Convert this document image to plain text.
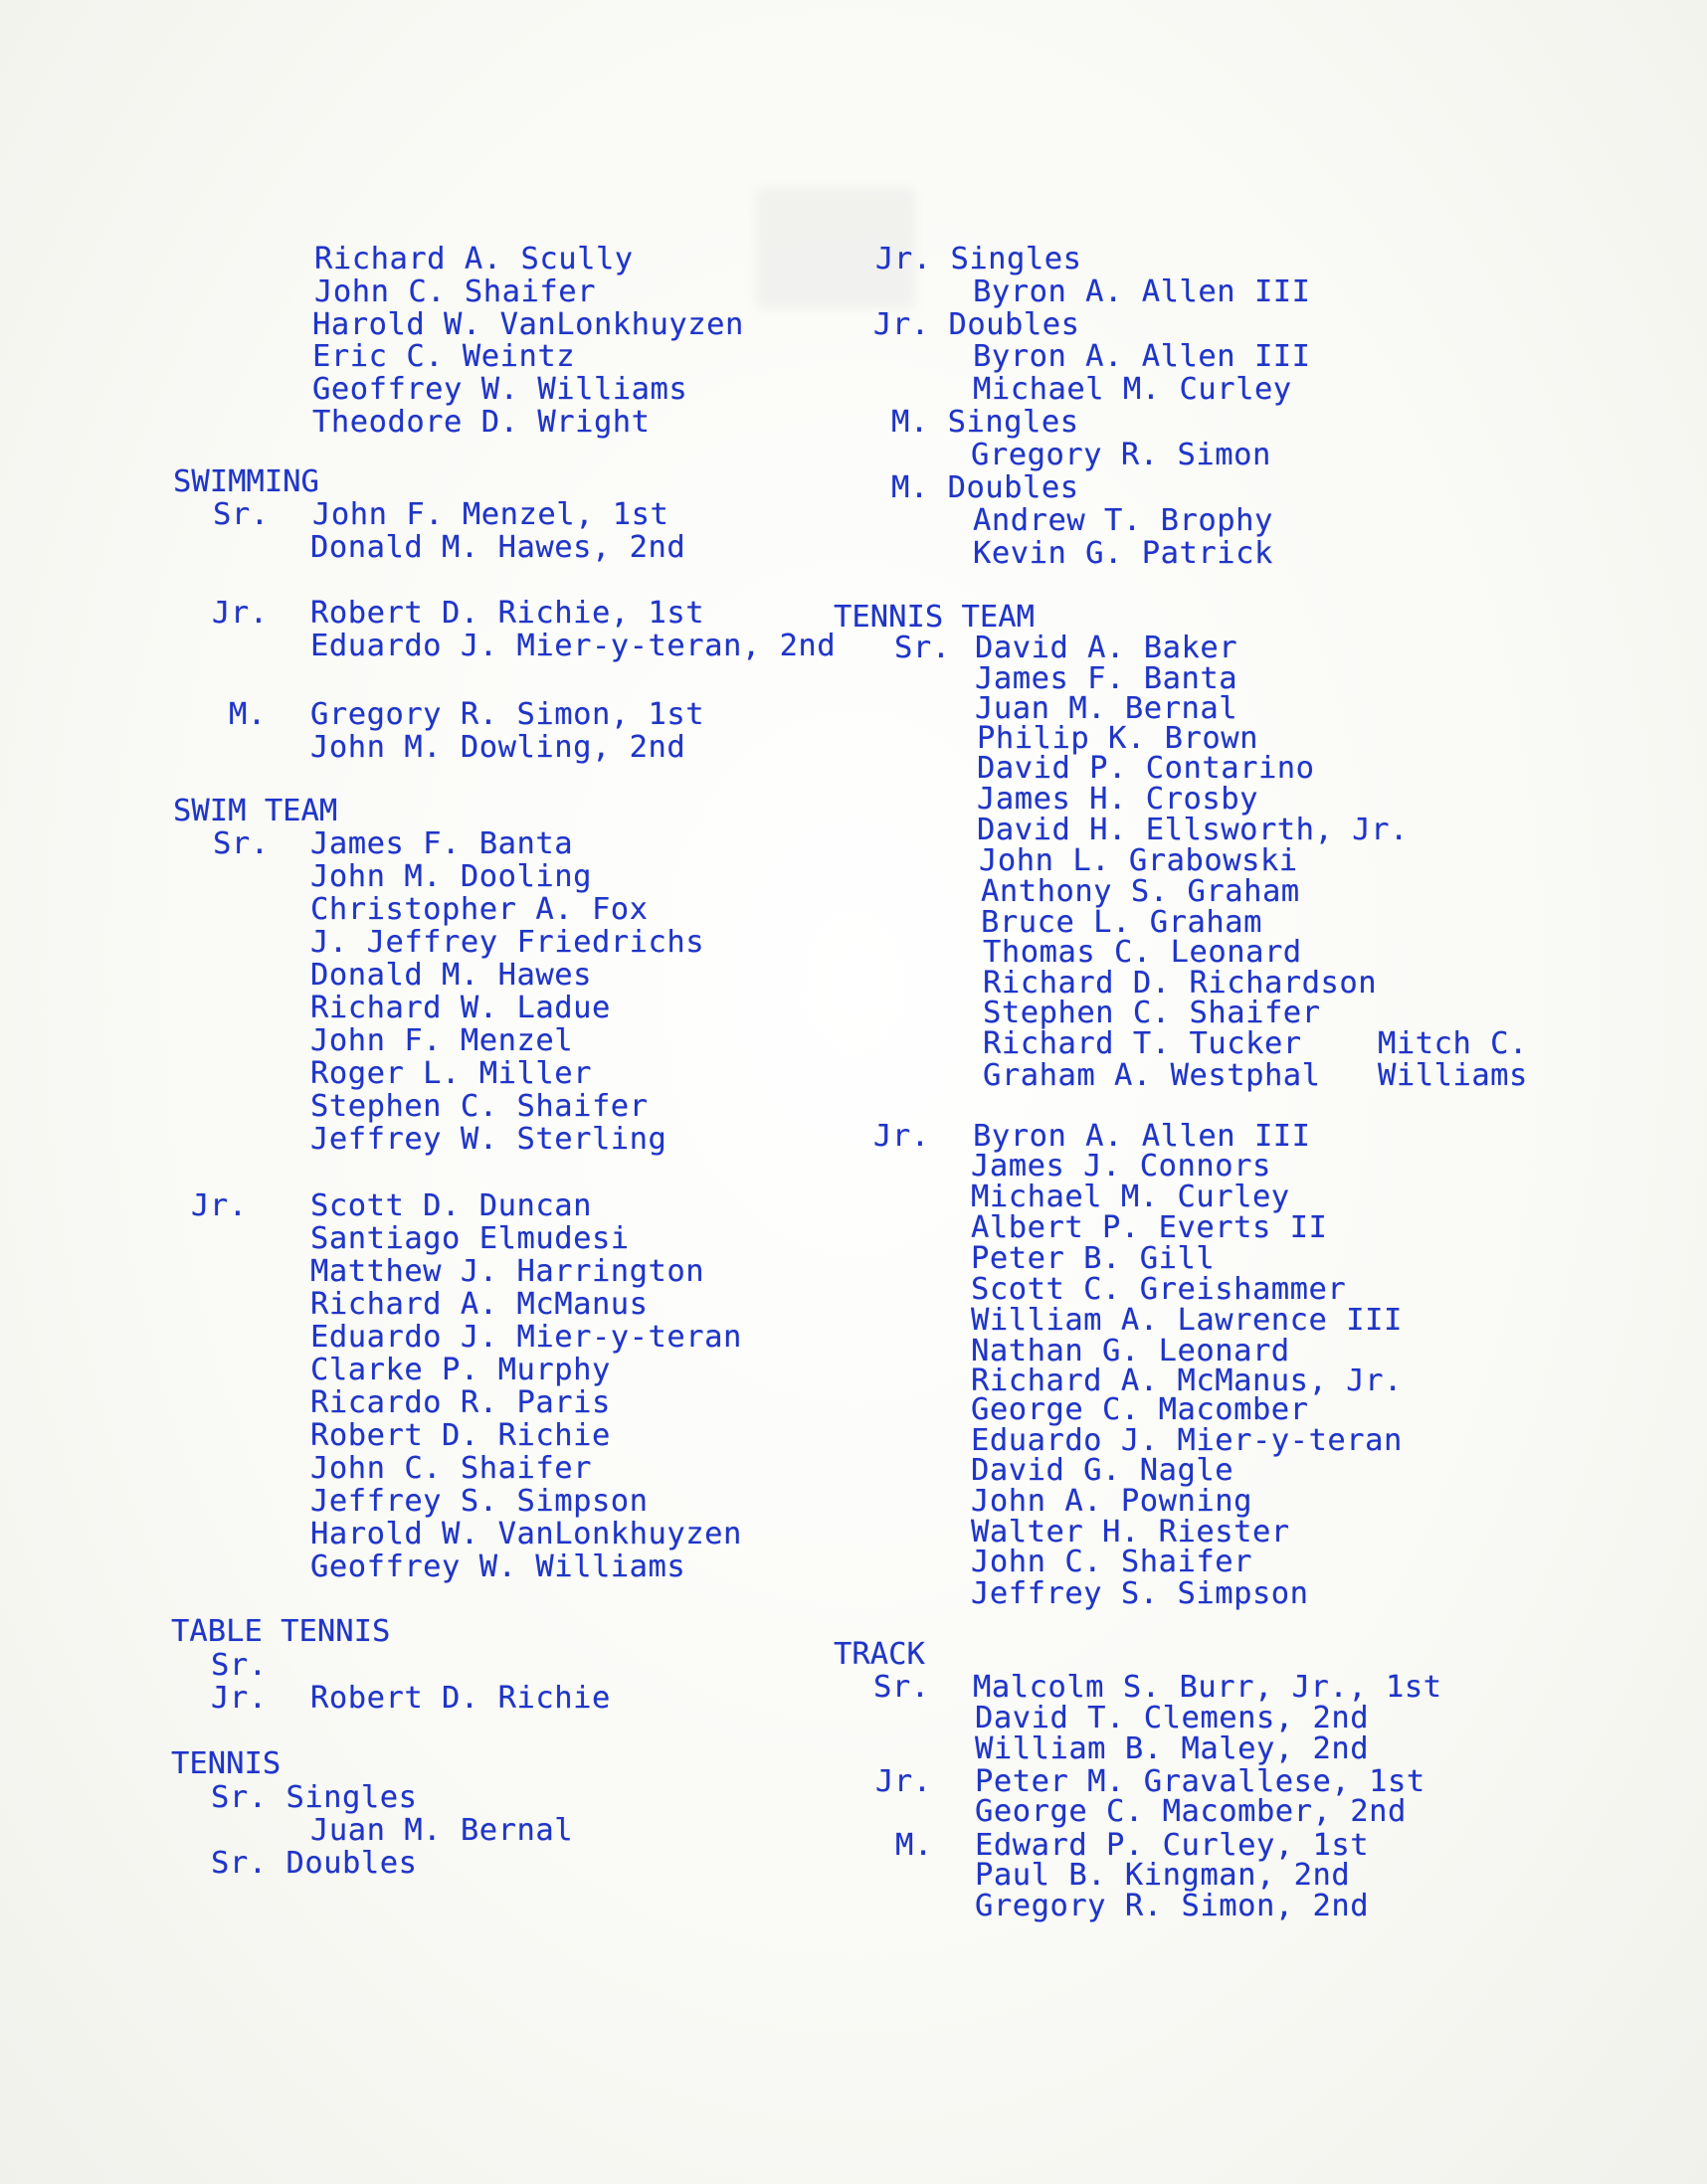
Richard A. Scully
John C. Shaifer
Harold W. VanLonkhuyzen
Eric C. Weintz
Geoffrey W. Williams
Theodore D. Wright
SWIMMING
Sr. John F. Menzel, 1st
Donald M. Hawes, 2nd
Jr. Robert D. Richie, 1st
Eduardo J. Mier-y-teran, 2nd
M. Gregory R. Simon, 1st
John M. Dowling, 2nd
SWIM TEAM
Sr. James F. Banta
John M. Dooling
Christopher A. Fox
J. Jeffrey Friedrichs
Donald M. Hawes
Richard W. Ladue
John F. Menzel
Roger L. Miller
Stephen C. Shaifer
Jeffrey W. Sterling
Jr. Scott D. Duncan
Santiago Elmudesi
Matthew J. Harrington
Richard A. McManus
Eduardo J. Mier-y-teran
Clarke P. Murphy
Ricardo R. Paris
Robert D. Richie
John C. Shaifer
Jeffrey S. Simpson
Harold W. VanLonkhuyzen
Geoffrey W. Williams
TABLE TENNIS
Sr.
Jr. Robert D. Richie
TENNIS
Sr. Singles
Juan M. Bernal
Sr. Doubles
Jr. Singles
Byron A. Allen III
Jr. Doubles
Byron A. Allen III
Michael M. Curley
M. Singles
Gregory R. Simon
M. Doubles
Andrew T. Brophy
Kevin G. Patrick
TENNIS TEAM
Sr. David A. Baker
James F. Banta
Juan M. Bernal
Philip K. Brown
David P. Contarino
James H. Crosby
David H. Ellsworth, Jr.
John L. Grabowski
Anthony S. Graham
Bruce L. Graham
Thomas C. Leonard
Richard D. Richardson
Stephen C. Shaifer
Richard T. Tucker
Graham A. Westphal
Mitch C.
Williams
Jr. Byron A. Allen III
James J. Connors
Michael M. Curley
Albert P. Everts II
Peter B. Gill
Scott C. Greishammer
William A. Lawrence III
Nathan G. Leonard
Richard A. McManus, Jr.
George C. Macomber
Eduardo J. Mier-y-teran
David G. Nagle
John A. Powning
Walter H. Riester
John C. Shaifer
Jeffrey S. Simpson
TRACK
Sr. Malcolm S. Burr, Jr., 1st
David T. Clemens, 2nd
William B. Maley, 2nd
Jr. Peter M. Gravallese, 1st
George C. Macomber, 2nd
M. Edward P. Curley, 1st
Paul B. Kingman, 2nd
Gregory R. Simon, 2nd
